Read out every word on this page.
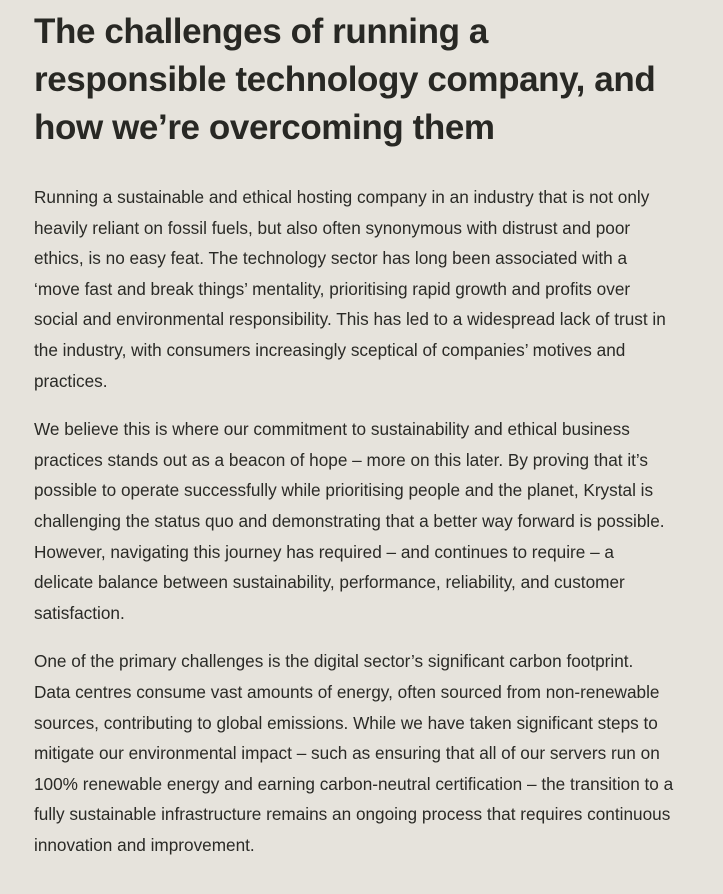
The challenges of running a responsible technology company, and how we’re overcoming them

Running a sustainable and ethical hosting company in an industry that is not only heavily reliant on fossil fuels, but also often synonymous with distrust and poor ethics, is no easy feat. The technology sector has long been associated with a ‘move fast and break things’ mentality, prioritising rapid growth and profits over social and environmental responsibility. This has led to a widespread lack of trust in the industry, with consumers increasingly sceptical of companies’ motives and practices.

We believe this is where our commitment to sustainability and ethical business practices stands out as a beacon of hope – more on this later. By proving that it’s possible to operate successfully while prioritising people and the planet, Krystal is challenging the status quo and demonstrating that a better way forward is possible. However, navigating this journey has required – and continues to require – a delicate balance between sustainability, performance, reliability, and customer satisfaction.

One of the primary challenges is the digital sector’s significant carbon footprint. Data centres consume vast amounts of energy, often sourced from non-renewable sources, contributing to global emissions. While we have taken significant steps to mitigate our environmental impact – such as ensuring that all of our servers run on 100% renewable energy and earning carbon-neutral certification – the transition to a fully sustainable infrastructure remains an ongoing process that requires continuous innovation and improvement.
